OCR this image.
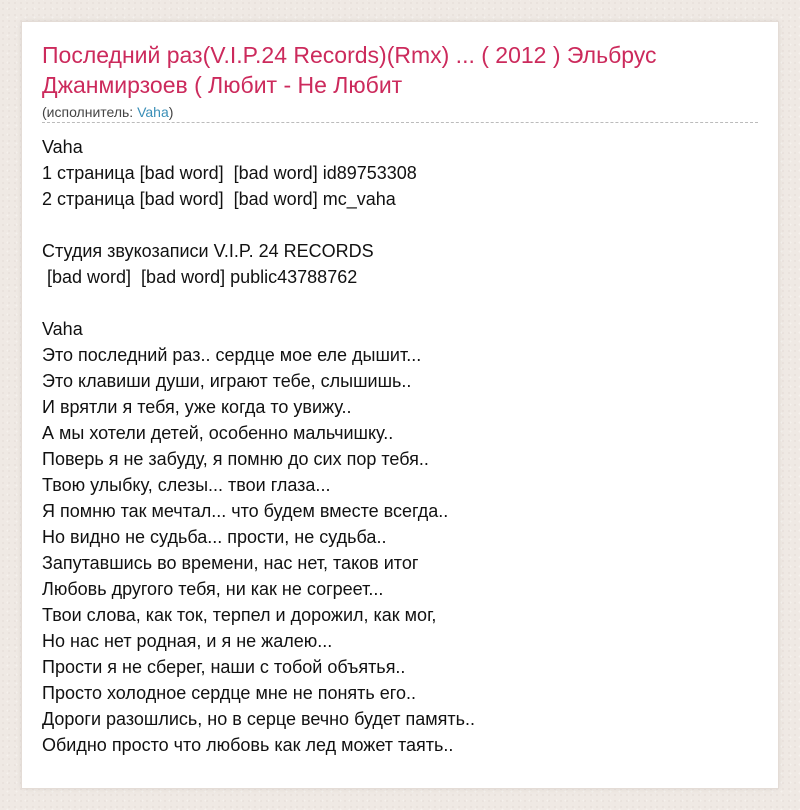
Последний раз(V.I.P.24 Records)(Rmx) ... ( 2012 ) Эльбрус Джанмирзоев ( Любит - Не Любит
(исполнитель: Vaha)
Vaha
1 страница [bad word]  [bad word] id89753308
2 страница [bad word]  [bad word] mc_vaha
Студия звукозаписи V.I.P. 24 RECORDS
[bad word]  [bad word] public43788762
Vaha
Это последний раз.. сердце мое еле дышит...
Это клавиши души, играют тебе, слышишь..
И врятли я тебя, уже когда то увижу..
А мы хотели детей, особенно мальчишку..
Поверь я не забуду, я помню до сих пор тебя..
Твою улыбку, слезы... твои глаза...
Я помню так мечтал... что будем вместе всегда..
Но видно не судьба... прости, не судьба..
Запутавшись во времени, нас нет, таков итог
Любовь другого тебя, ни как не согреет...
Твои слова, как ток, терпел и дорожил, как мог,
Но нас нет родная, и я не жалею...
Прости я не сберег, наши с тобой объятья..
Просто холодное сердце мне не понять его..
Дороги разошлись, но в серце вечно будет память..
Обидно просто что любовь как лед может таять..
